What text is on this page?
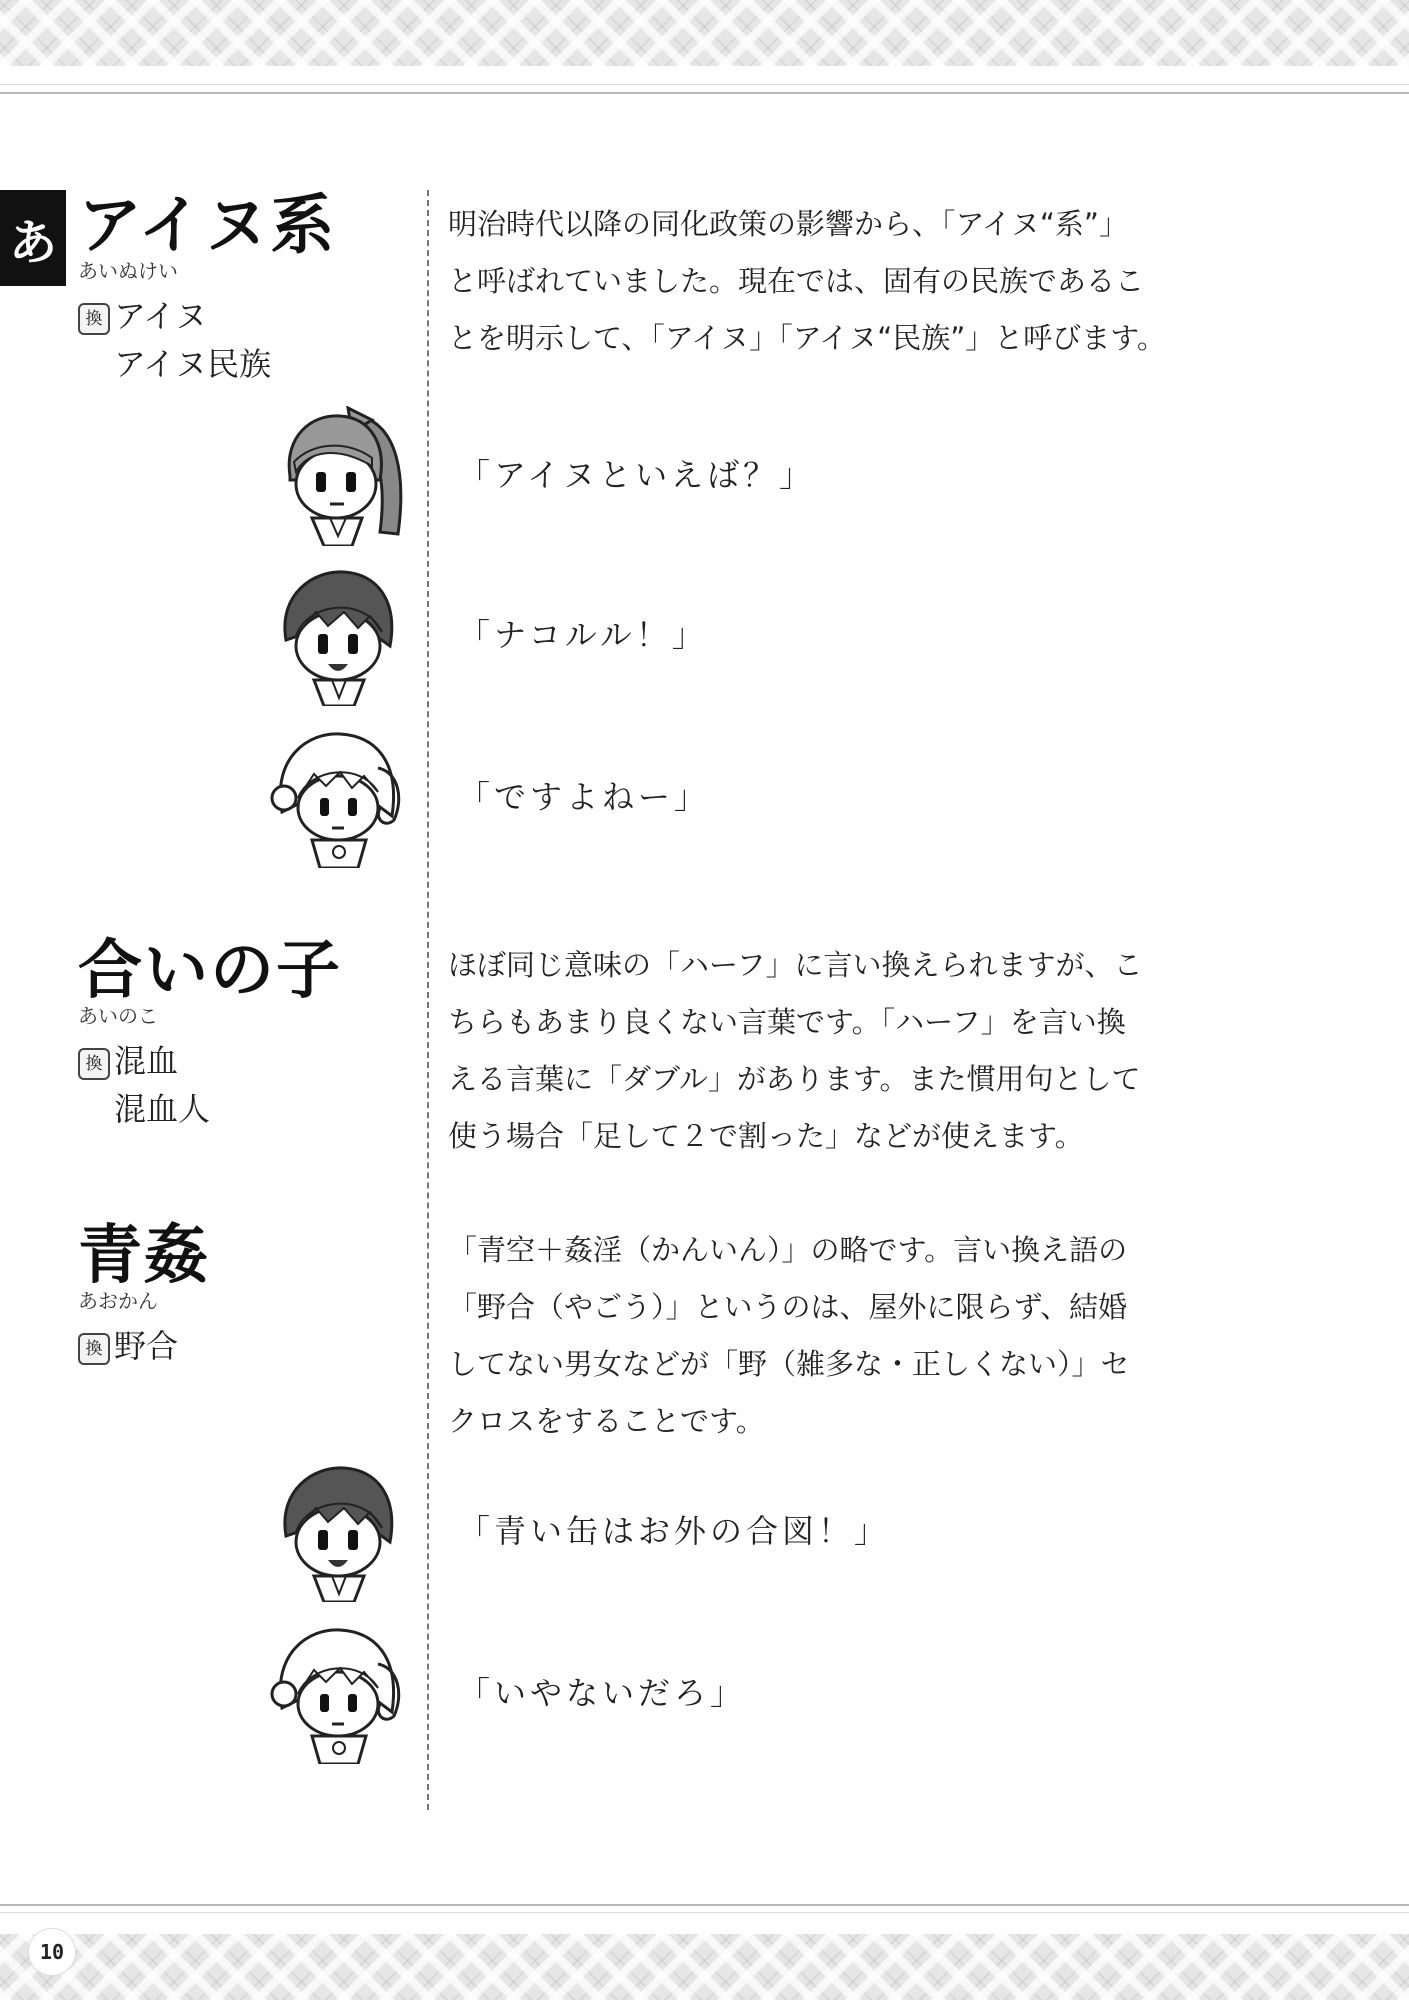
あ アイヌ系
あいぬけい
換 アイヌ
アイヌ民族
明治時代以降の同化政策の影響から、「アイヌ“系”」
と呼ばれていました。現在では、固有の民族であるこ
とを明示して、「アイヌ」「アイヌ“民族”」と呼びます。
「アイヌといえば？」
「ナコルル！」
「ですよねー」
合いの子
あいのこ
換 混血
混血人
ほぼ同じ意味の「ハーフ」に言い換えられますが、こ
ちらもあまり良くない言葉です。「ハーフ」を言い換
える言葉に「ダブル」があります。また慣用句として
使う場合「足して２で割った」などが使えます。
青姦
あおかん
換 野合
「青空＋姦淫（かんいん）」の略です。言い換え語の
「野合（やごう）」というのは、屋外に限らず、結婚
してない男女などが「野（雑多な・正しくない）」セ
クロスをすることです。
「青い缶はお外の合図！」
「いやないだろ」
10
